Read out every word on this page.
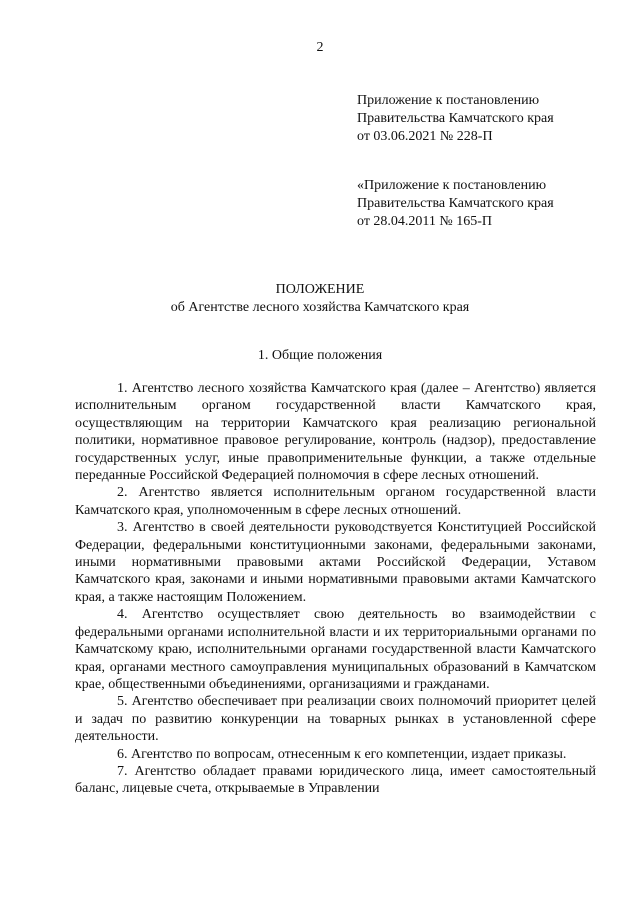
2
Приложение к постановлению
Правительства Камчатского края
от 03.06.2021 № 228-П
«Приложение к постановлению
Правительства Камчатского края
от 28.04.2011 № 165-П
ПОЛОЖЕНИЕ
об Агентстве лесного хозяйства Камчатского края
1. Общие положения

1. Агентство лесного хозяйства Камчатского края (далее – Агентство) является исполнительным органом государственной власти Камчатского края, осуществляющим на территории Камчатского края реализацию региональной политики, нормативное правовое регулирование, контроль (надзор), предоставление государственных услуг, иные правоприменительные функции, а также отдельные переданные Российской Федерацией полномочия в сфере лесных отношений.

2. Агентство является исполнительным органом государственной власти Камчатского края, уполномоченным в сфере лесных отношений.

3. Агентство в своей деятельности руководствуется Конституцией Российской Федерации, федеральными конституционными законами, федеральными законами, иными нормативными правовыми актами Российской Федерации, Уставом Камчатского края, законами и иными нормативными правовыми актами Камчатского края, а также настоящим Положением.

4. Агентство осуществляет свою деятельность во взаимодействии с федеральными органами исполнительной власти и их территориальными органами по Камчатскому краю, исполнительными органами государственной власти Камчатского края, органами местного самоуправления муниципальных образований в Камчатском крае, общественными объединениями, организациями и гражданами.

5. Агентство обеспечивает при реализации своих полномочий приоритет целей и задач по развитию конкуренции на товарных рынках в установленной сфере деятельности.

6. Агентство по вопросам, отнесенным к его компетенции, издает приказы.

7. Агентство обладает правами юридического лица, имеет самостоятельный баланс, лицевые счета, открываемые в Управлении
